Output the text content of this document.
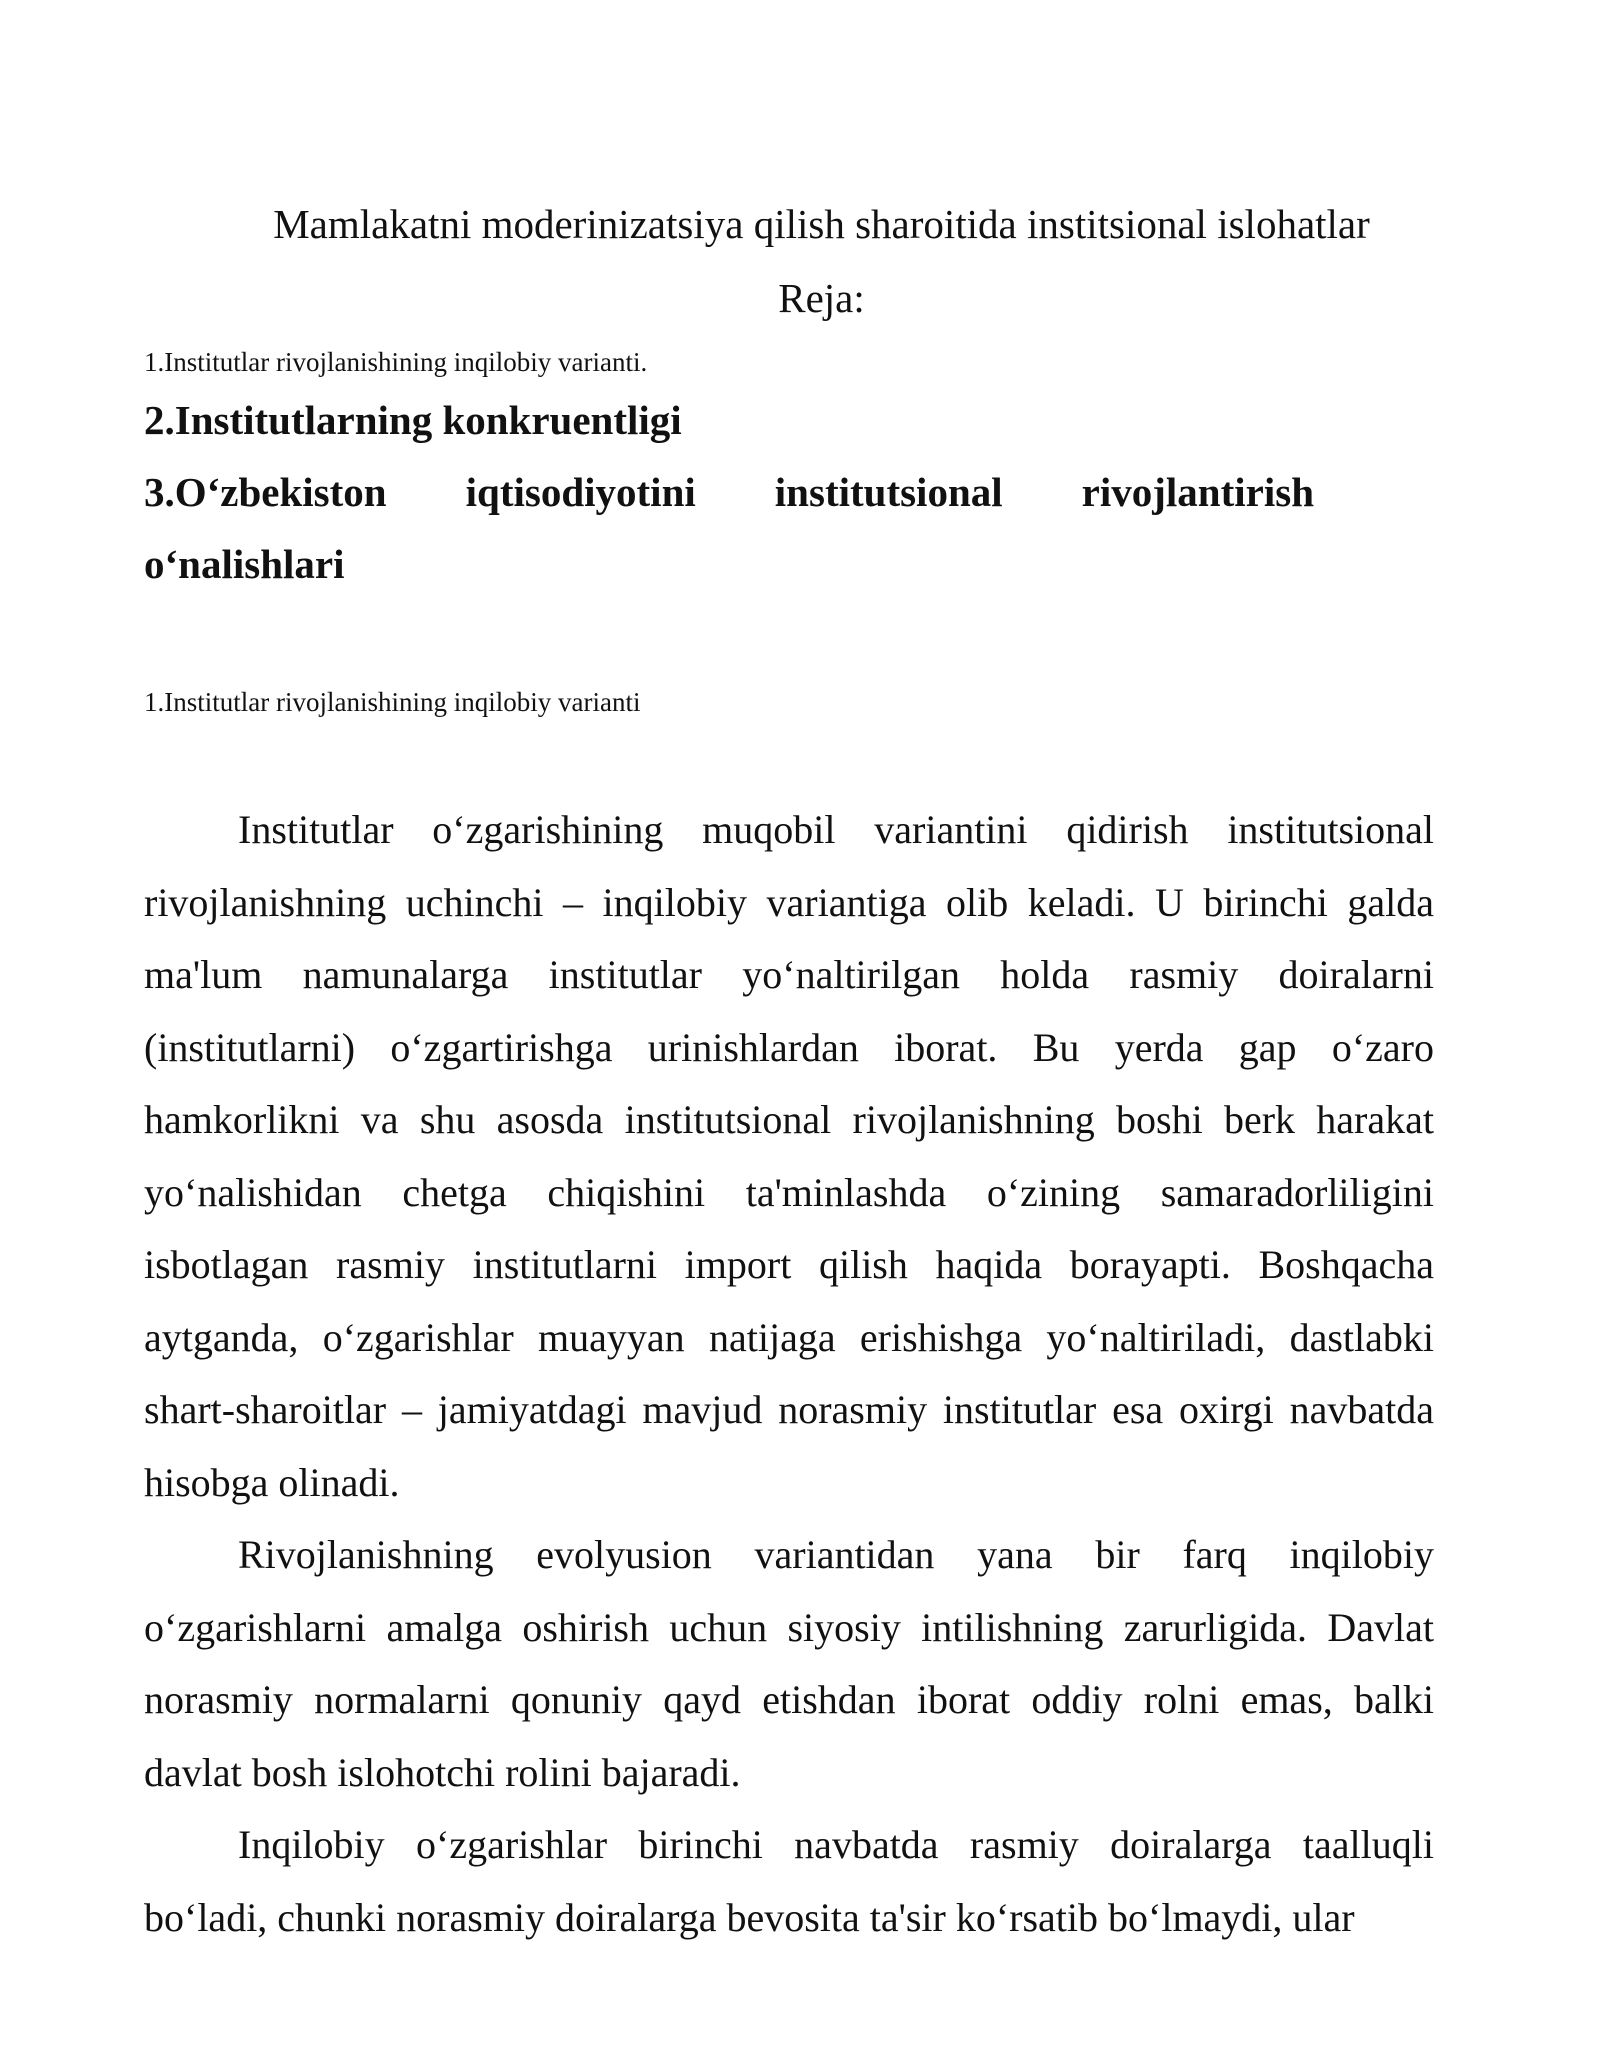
Mamlakatni moderinizatsiya qilish sharoitida institsional islohatlar
Reja:
1.Institutlar rivojlanishining inqilobiy varianti.
2.Institutlarning konkruentligi
3.O‘zbekiston iqtisodiyotini institutsional rivojlantirish o‘nalishlari
1.Institutlar rivojlanishining inqilobiy varianti

Institutlar o‘zgarishining muqobil variantini qidirish institutsional rivojlanishning uchinchi – inqilobiy variantiga olib keladi. U birinchi galda ma'lum namunalarga institutlar yo‘naltirilgan holda rasmiy doiralarni (institutlarni) o‘zgartirishga urinishlardan iborat. Bu yerda gap o‘zaro hamkorlikni va shu asosda institutsional rivojlanishning boshi berk harakat yo‘nalishidan chetga chiqishini ta'minlashda o‘zining samaradorliligini isbotlagan rasmiy institutlarni import qilish haqida borayapti. Boshqacha aytganda, o‘zgarishlar muayyan natijaga erishishga yo‘naltiriladi, dastlabki shart-sharoitlar – jamiyatdagi mavjud norasmiy institutlar esa oxirgi navbatda hisobga olinadi.

Rivojlanishning evolyusion variantidan yana bir farq inqilobiy o‘zgarishlarni amalga oshirish uchun siyosiy intilishning zarurligida. Davlat norasmiy normalarni qonuniy qayd etishdan iborat oddiy rolni emas, balki davlat bosh islohotchi rolini bajaradi.

Inqilobiy o‘zgarishlar birinchi navbatda rasmiy doiralarga taalluqli bo‘ladi, chunki norasmiy doiralarga bevosita ta'sir ko‘rsatib bo‘lmaydi, ular
